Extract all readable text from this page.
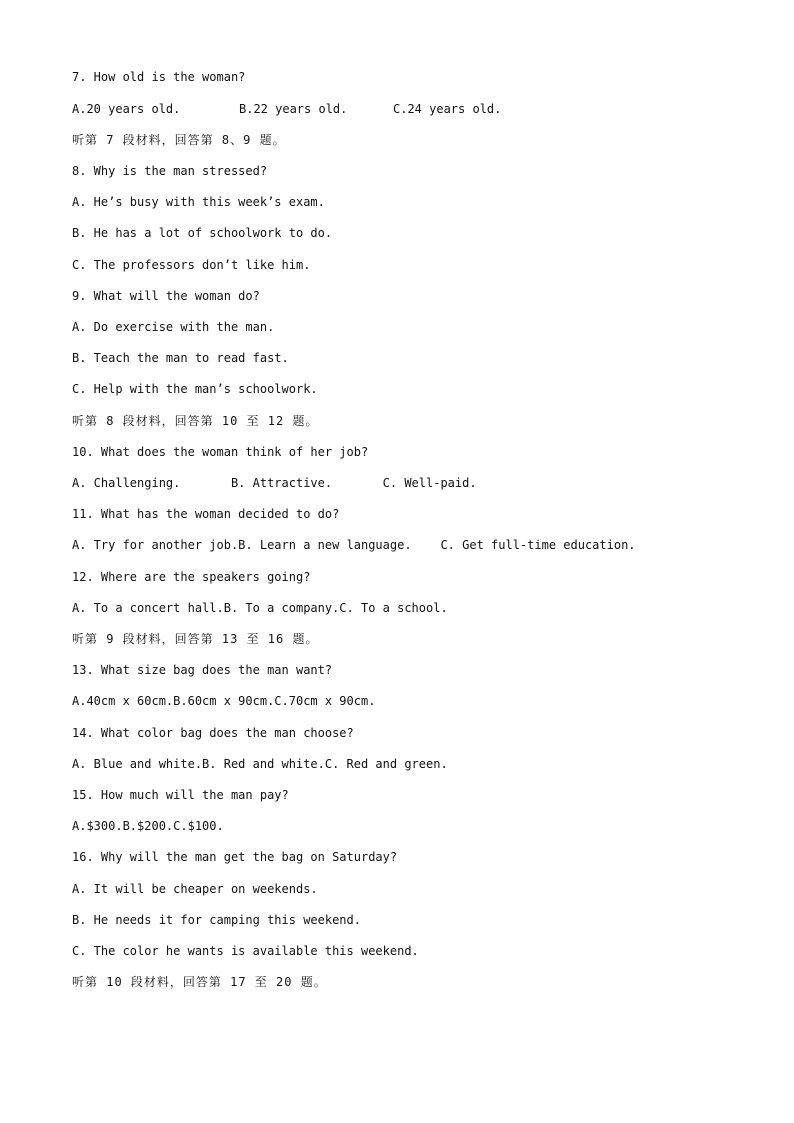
7. How old is the woman?

A.20 years old.

	B.22 years old.

	C.24 years old.

听第 7 段材料，回答第 8、9 题。
8. Why is the man stressed?
A. He’s busy with this week’s exam.
B. He has a lot of schoolwork to do.
C. The professors don’t like him.
9. What will the woman do?
A. Do exercise with the man.
B. Teach the man to read fast.
C. Help with the man’s schoolwork.
听第 8 段材料，回答第 10 至 12 题。
10. What does the woman think of her job?
A. Challenging.       B. Attractive.       C. Well-paid.
11. What has the woman decided to do?
A. Try for another job.B. Learn a new language.    C. Get full-time education.
12. Where are the speakers going?
A. To a concert hall.B. To a company.C. To a school.
听第 9 段材料，回答第 13 至 16 题。
13. What size bag does the man want?
A.40cm x 60cm.B.60cm x 90cm.C.70cm x 90cm.
14. What color bag does the man choose?
A. Blue and white.B. Red and white.C. Red and green.
15. How much will the man pay?
A.$300.B.$200.C.$100.
16. Why will the man get the bag on Saturday?
A. It will be cheaper on weekends.
B. He needs it for camping this weekend.
C. The color he wants is available this weekend.
听第 10 段材料，回答第 17 至 20 题。
